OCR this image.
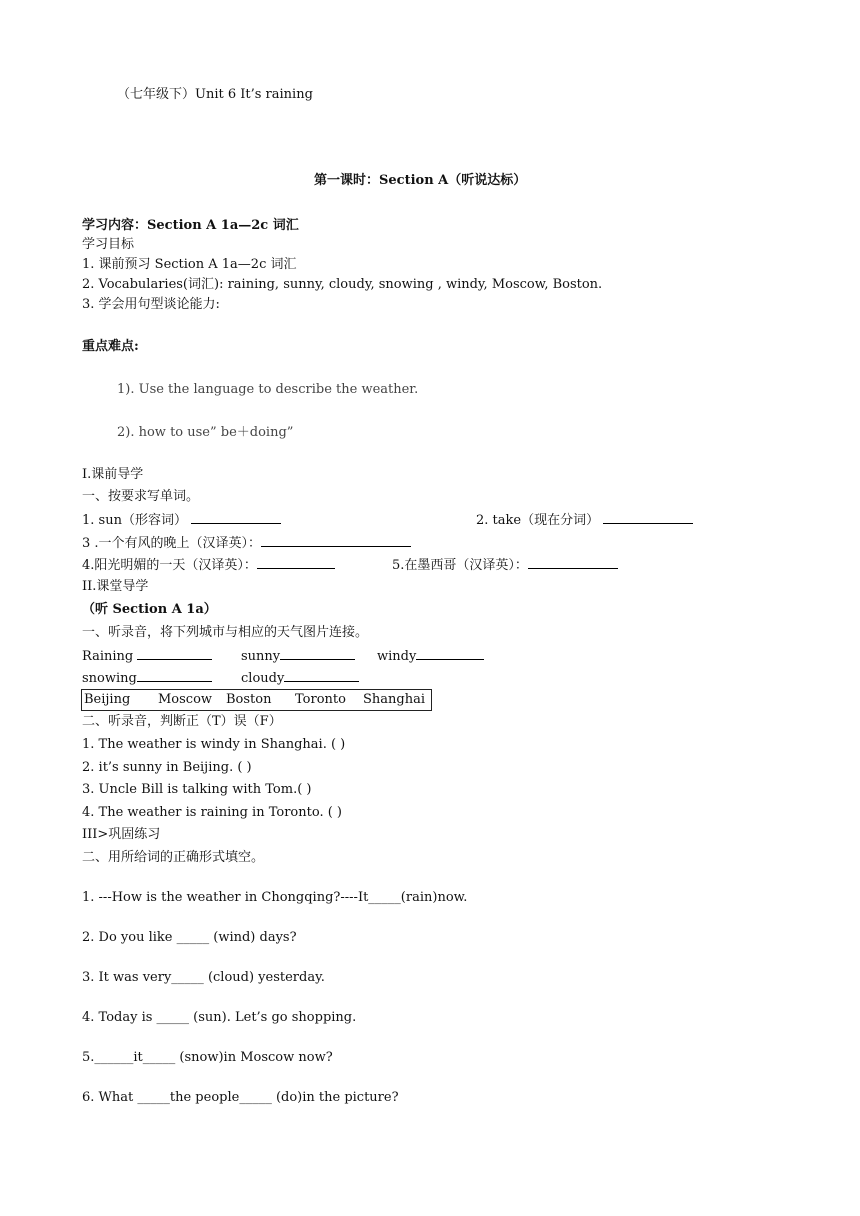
（七年级下）Unit 6 It’s raining
第一课时：Section A（听说达标）
学习内容：Section A 1a—2c 词汇
学习目标
1. 课前预习 Section A 1a—2c 词汇
2. Vocabularies(词汇): raining, sunny, cloudy, snowing , windy, Moscow, Boston.
3. 学会用句型谈论能力:
重点难点:
1). Use the language to describe the weather.
2). how to use” be＋doing”
I.课前导学
一、按要求写单词。
1. sun（形容词）	2. take（现在分词）
3 .一个有风的晚上（汉译英）：
4.阳光明媚的一天（汉译英）：	5.在墨西哥（汉译英）：
II.课堂导学
（听 Section A 1a）
一、听录音，将下列城市与相应的天气图片连接。
Raining	sunny	windy
snowing	cloudy
Beijing Moscow Boston Toronto Shanghai
二、听录音，判断正（T）误（F）
1. The weather is windy in Shanghai. ( )
2. it’s sunny in Beijing. ( )
3. Uncle Bill is talking with Tom.( )
4. The weather is raining in Toronto. ( )
III>巩固练习
二、用所给词的正确形式填空。
1. ---How is the weather in Chongqing?----It_____(rain)now.
2. Do you like _____ (wind) days?
3. It was very_____ (cloud) yesterday.
4. Today is _____ (sun). Let’s go shopping.
5.______it_____ (snow)in Moscow now?
6. What _____the people_____ (do)in the picture?
